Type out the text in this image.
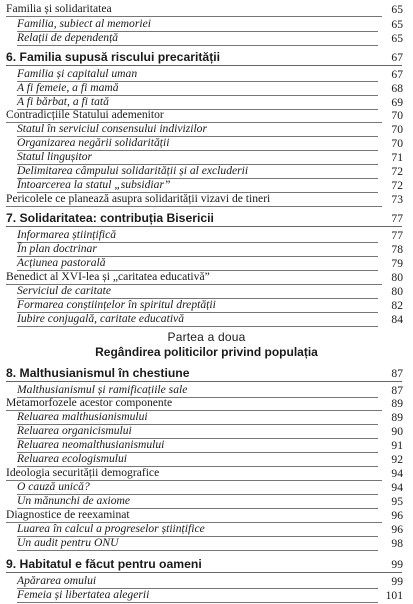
Familia și solidaritatea	65
Familia, subiect al memoriei	65
Relații de dependență	65
6. Familia supusă riscului precarității	67
Familia și capitalul uman	67
A fi femeie, a fi mamă	68
A fi bărbat, a fi tată	69
Contradicțiile Statului ademenitor	70
Statul în serviciul consensului indivizilor	70
Organizarea negării solidarității	70
Statul lingușitor	71
Delimitarea câmpului solidarității și al excluderii	72
Întoarcerea la statul „subsidiar”	72
Pericolele ce planează asupra solidarității vizavi de tineri	73
7. Solidaritatea: contribuția Bisericii	77
Informarea științifică	77
În plan doctrinar	78
Acțiunea pastorală	79
Benedict al XVI-lea și „caritatea educativă”	80
Serviciul de caritate	80
Formarea conștiințelor în spiritul dreptății	82
Iubire conjugală, caritate educativă	84
Partea a doua
Regândirea politicilor privind populația
8. Malthusianismul în chestiune	87
Malthusianismul și ramificațiile sale	87
Metamorfozele acestor componente	89
Reluarea malthusianismului	89
Reluarea organicismului	90
Reluarea neomalthusianismului	91
Reluarea ecologismului	92
Ideologia securității demografice	94
O cauză unică?	94
Un mănunchi de axiome	95
Diagnostice de reexaminat	96
Luarea în calcul a progreselor științifice	96
Un audit pentru ONU	98
9. Habitatul e făcut pentru oameni	99
Apărarea omului	99
Femeia și libertatea alegerii	101
